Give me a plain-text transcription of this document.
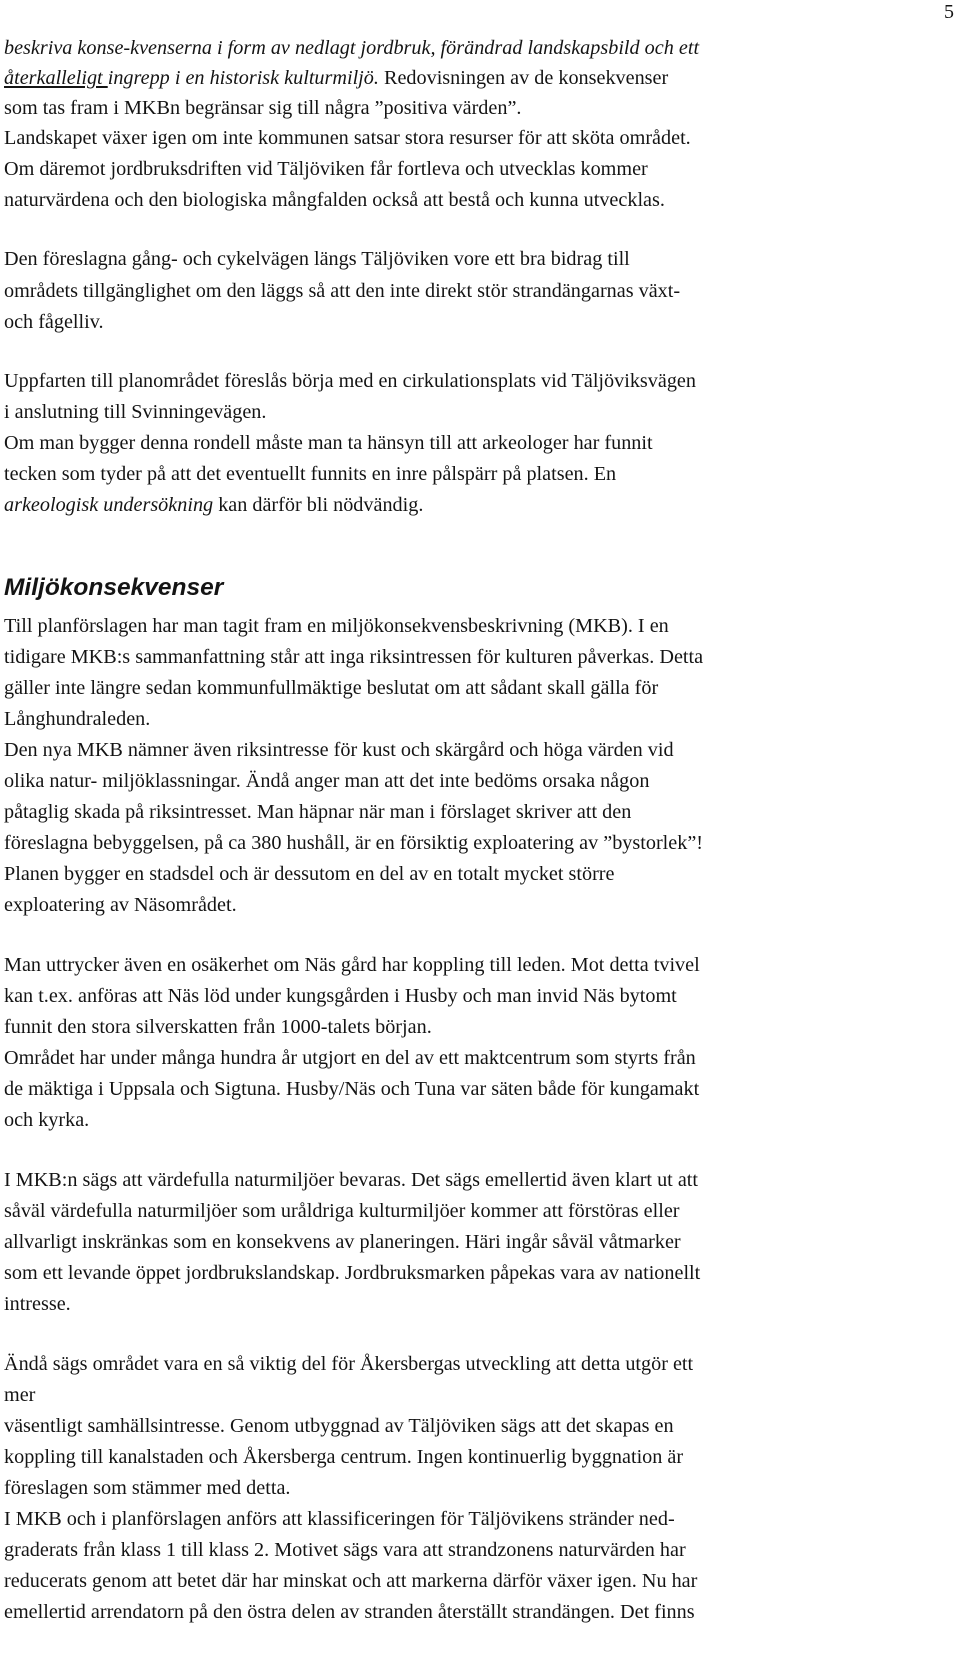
5
beskriva konse-kvenserna i form av nedlagt jordbruk, förändrad landskapsbild och ett
återkalleligt ingrepp i en historisk kulturmiljö. Redovisningen av de konsekvenser
som tas fram i MKBn begränsar sig till några ”positiva värden”.
Landskapet växer igen om inte kommunen satsar stora resurser för att sköta området.
Om däremot jordbruksdriften vid Täljöviken får fortleva och utvecklas kommer
naturvärdena och den biologiska mångfalden också att bestå och kunna utvecklas.
Den föreslagna gång- och cykelvägen längs Täljöviken vore ett bra bidrag till
områdets tillgänglighet om den läggs så att den inte direkt stör strandängarnas växt-
och fågelliv.
Uppfarten till planområdet föreslås börja med en cirkulationsplats vid Täljöviksvägen
i anslutning till Svinningevägen.
Om man bygger denna rondell måste man ta hänsyn till att arkeologer har funnit
tecken som tyder på att det eventuellt funnits en inre pålspärr på platsen. En
arkeologisk undersökning kan därför bli nödvändig.
Miljökonsekvenser
Till planförslagen har man tagit fram en miljökonsekvensbeskrivning (MKB). I en
tidigare MKB:s sammanfattning står att inga riksintressen för kulturen påverkas. Detta
gäller inte längre sedan kommunfullmäktige beslutat om att sådant skall gälla för
Långhundraleden.
Den nya MKB nämner även riksintresse för kust och skärgård och höga värden vid
olika natur- miljöklassningar. Ändå anger man att det inte bedöms orsaka någon
påtaglig skada på riksintresset. Man häpnar när man i förslaget skriver att den
föreslagna bebyggelsen, på ca 380 hushåll, är en försiktig exploatering av ”bystorlek”!
Planen bygger en stadsdel och är dessutom en del av en totalt mycket större
exploatering av Näsområdet.
Man uttrycker även en osäkerhet om Näs gård har koppling till leden. Mot detta tvivel
kan t.ex. anföras att Näs löd under kungsgården i Husby och man invid Näs bytomt
funnit den stora silverskatten från 1000-talets början.
Området har under många hundra år utgjort en del av ett maktcentrum som styrts från
de mäktiga i Uppsala och Sigtuna. Husby/Näs och Tuna var säten både för kungamakt
och kyrka.
I MKB:n sägs att värdefulla naturmiljöer bevaras. Det sägs emellertid även klart ut att
såväl värdefulla naturmiljöer som uråldriga kulturmiljöer kommer att förstöras eller
allvarligt inskränkas som en konsekvens av planeringen. Häri ingår såväl våtmarker
som ett levande öppet jordbrukslandskap. Jordbruksmarken påpekas vara av nationellt
intresse.
Ändå sägs området vara en så viktig del för Åkersbergas utveckling att detta utgör ett
mer
väsentligt samhällsintresse. Genom utbyggnad av Täljöviken sägs att det skapas en
koppling till kanalstaden och Åkersberga centrum. Ingen kontinuerlig byggnation är
föreslagen som stämmer med detta.
I MKB och i planförslagen anförs att klassificeringen för Täljövikens stränder ned-
graderats från klass 1 till klass 2. Motivet sägs vara att strandzonens naturvärden har
reducerats genom att betet där har minskat och att markerna därför växer igen. Nu har
emellertid arrendatorn på den östra delen av stranden återställt strandängen. Det finns
